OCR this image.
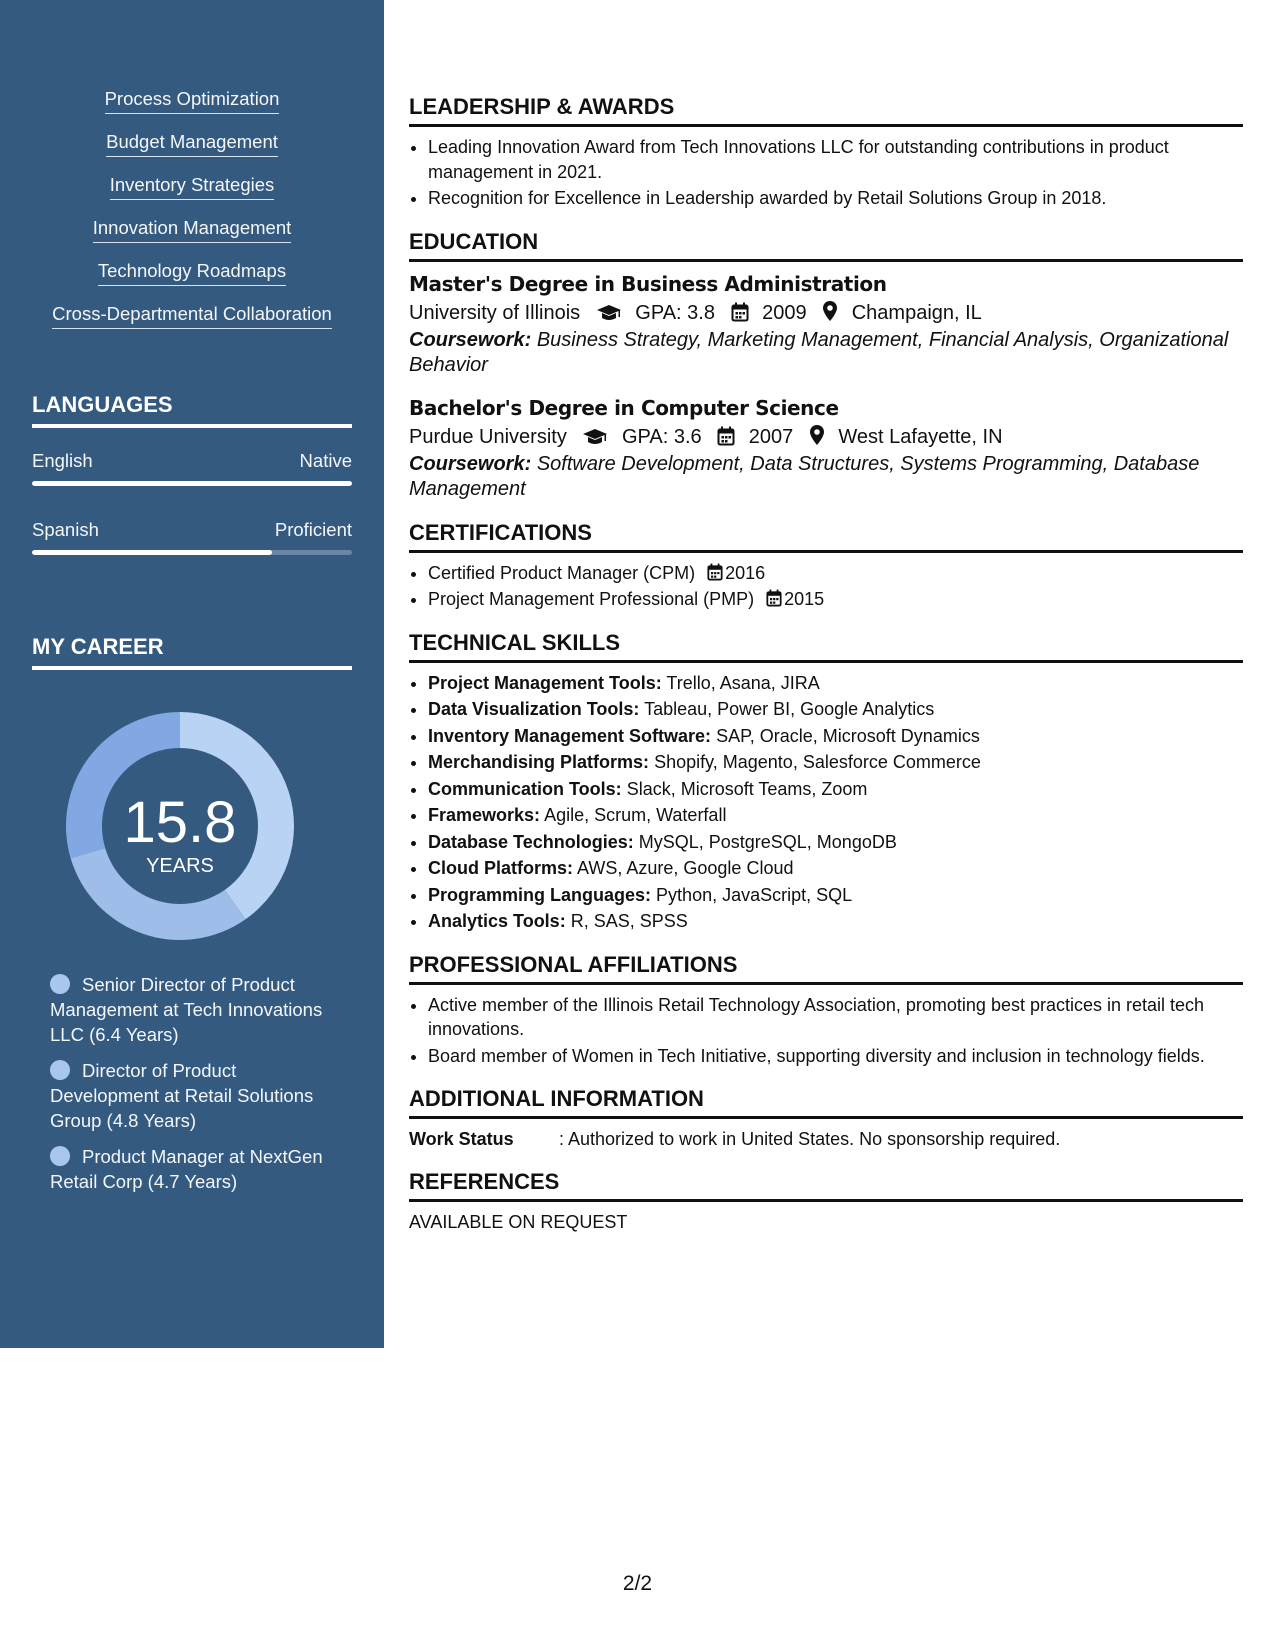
Process Optimization
Budget Management
Inventory Strategies
Innovation Management
Technology Roadmaps
Cross-Departmental Collaboration
LANGUAGES
English	Native
Spanish	Proficient
MY CAREER
15.8
YEARS
Senior Director of Product Management at Tech Innovations LLC (6.4 Years)
Director of Product Development at Retail Solutions Group (4.8 Years)
Product Manager at NextGen Retail Corp (4.7 Years)
LEADERSHIP & AWARDS
• Leading Innovation Award from Tech Innovations LLC for outstanding contributions in product management in 2021.
• Recognition for Excellence in Leadership awarded by Retail Solutions Group in 2018.
EDUCATION
Master's Degree in Business Administration
University of Illinois	GPA: 3.8 2009 Champaign, IL
Coursework: Business Strategy, Marketing Management, Financial Analysis, Organizational Behavior
Bachelor's Degree in Computer Science
Purdue University	GPA: 3.6 2007 West Lafayette, IN
Coursework: Software Development, Data Structures, Systems Programming, Database Management
CERTIFICATIONS
• Certified Product Manager (CPM) 2016
• Project Management Professional (PMP) 2015
TECHNICAL SKILLS
• Project Management Tools: Trello, Asana, JIRA
• Data Visualization Tools: Tableau, Power BI, Google Analytics
• Inventory Management Software: SAP, Oracle, Microsoft Dynamics
• Merchandising Platforms: Shopify, Magento, Salesforce Commerce
• Communication Tools: Slack, Microsoft Teams, Zoom
• Frameworks: Agile, Scrum, Waterfall
• Database Technologies: MySQL, PostgreSQL, MongoDB
• Cloud Platforms: AWS, Azure, Google Cloud
• Programming Languages: Python, JavaScript, SQL
• Analytics Tools: R, SAS, SPSS
PROFESSIONAL AFFILIATIONS
• Active member of the Illinois Retail Technology Association, promoting best practices in retail tech innovations.
• Board member of Women in Tech Initiative, supporting diversity and inclusion in technology fields.
ADDITIONAL INFORMATION
Work Status	: Authorized to work in United States. No sponsorship required.
REFERENCES
AVAILABLE ON REQUEST
2/2
